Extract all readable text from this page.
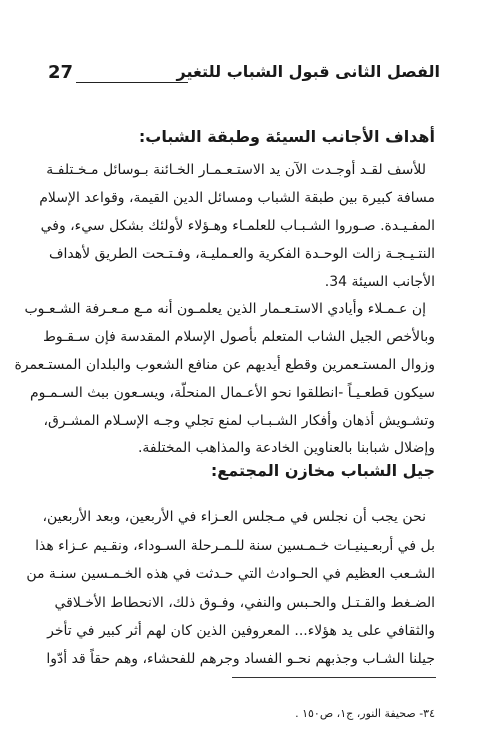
27	الفصل الثانى قبول الشباب للتغير
أهداف الأجانب السيئة وطبقة الشباب:
للأسف لقـد أوجـدت الآن يد الاستـعـمـار الخـائنة بـوسائل مـخـتلفـة
مسافة كبيرة بين طبقة الشباب ومسائل الدين القيمة، وقواعد الإسلام
المفـيـدة. صـوروا الشـبـاب للعلمـاء وهـؤلاء لأولئك بشكل سيء، وفي
النتـيـجـة زالت الوحـدة الفكرية والعـمليـة، وفـتـحت الطريق لأهداف
الأجانب السيئة 34.
إن عـمـلاء وأيادي الاستـعـمار الذين يعلمـون أنه مـع مـعـرفة الشـعـوب
وبالأخص الجيل الشاب المتعلم بأصول الإسلام المقدسة فإن سـقـوط
وزوال المستـعمرين وقطع أيديهم عن منافع الشعوب والبلدان المستـعمرة
سيكون قطعـيـاً -انطلقوا نحو الأعـمال المنحلّة، ويسـعون ببث السـمـوم
وتشـويش أذهان وأفكار الشـبـاب لمنع تجلي وجـه الإسـلام المشـرق،
جيل الشباب مخازن المجتمع:
نحن يجب أن نجلس في مـجلس العـزاء في الأربعين، وبعد الأربعين،
بل في أربعـينيـات خـمـسين سنة للـمـرحلة السـوداء، ونقـيم عـزاء هذا
الشـعب العظيم في الحـوادث التي حـدثت في هذه الخـمـسين سنـة من
الضـغط والقـتـل والحـبس والنفي، وفـوق ذلك، الانحطاط الأخـلاقي
والثقافي على يد هؤلاء... المعروفين الذين كان لهم أثر كبير في تأخر
جيلنا الشـاب وجذبهم نحـو الفساد وجرهم للفحشاء، وهم حقاً قد أدّوا
٣٤- صحيفة النور، ج١، ص١٥٠ .
وإضلال شبابنا بالعناوين الخادعة والمذاهب المختلفة.
